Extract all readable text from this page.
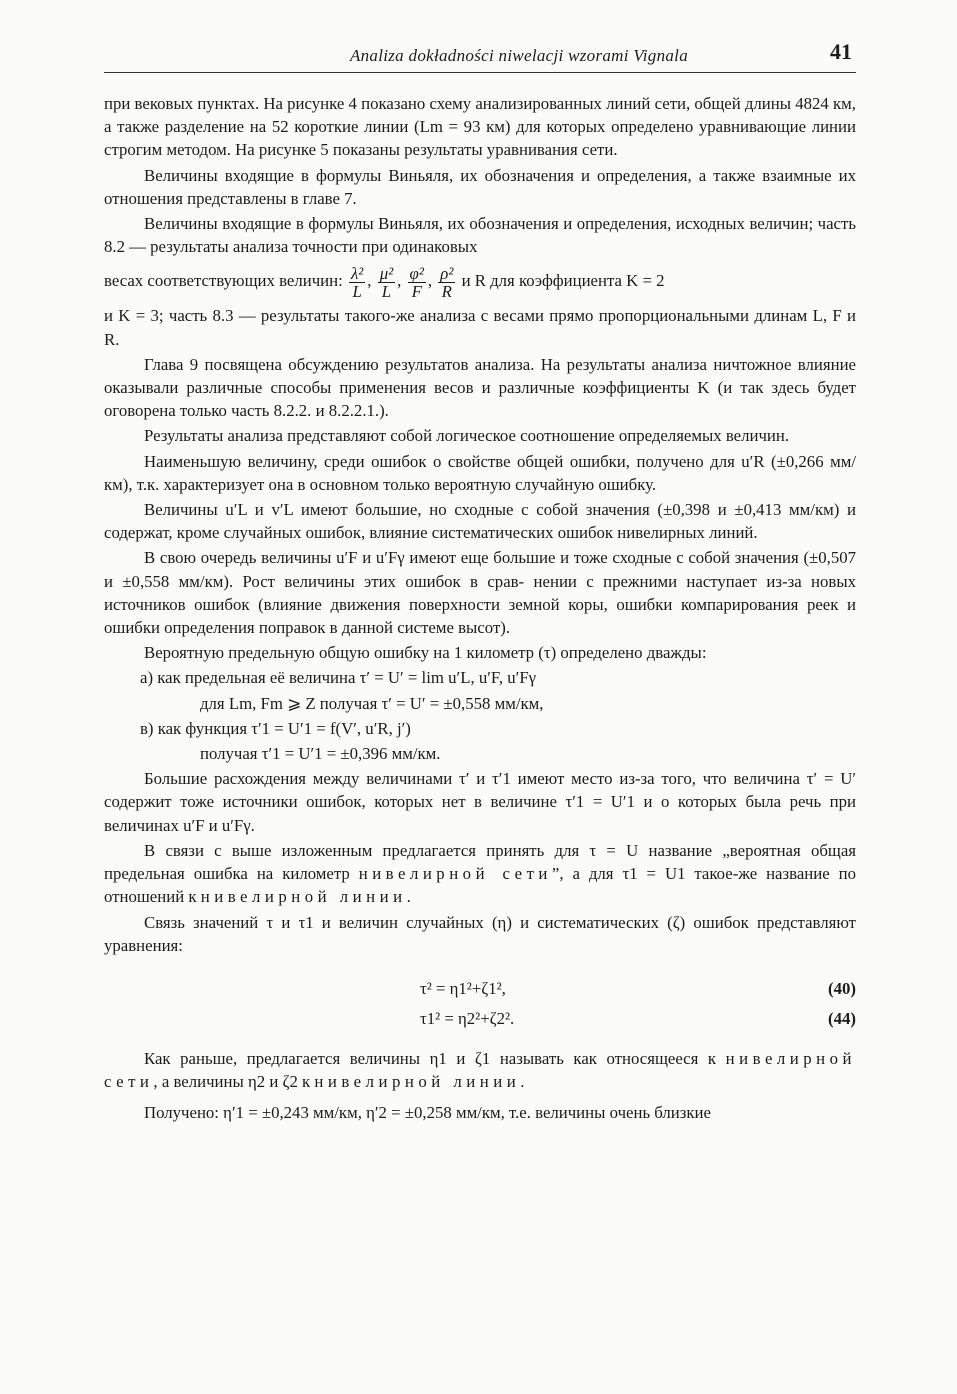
Analiza dokładności niwelacji wzorami Vignala	41

при вековых пунктах. На рисунке 4 показано схему анализированных линий сети, общей длины 4824 км, а также разделение на 52 короткие линии (Lm = 93 км) для которых определено уравнивающие линии строгим методом. На рисунке 5 показаны результаты уравнивания сети.

Величины входящие в формулы Виньяля, их обозначения и определения, а также взаимные их отношения представлены в главе 7.

Величины входящие в формулы Виньяля, их обозначения и определения, исходных величин; часть 8.2 — результаты анализа точности при одинаковых

весах соответствующих величин: $\frac{\text{λ²}}{L}$ , $\frac{\text{μ²}}{L}$ , $\frac{\text{φ²}}{F}$ , $\frac{\text{ρ²}}{R}$ и R для коэффициента K = 2

и K = 3; часть 8.3 — результаты такого-же анализа с весами прямо пропорциональными длинам L, F и R.

Глава 9 посвящена обсуждению результатов анализа. На результаты анализа ничтожное влияние оказывали различные способы применения весов и различные коэффициенты K (и так здесь будет оговорена только часть 8.2.2. и 8.2.2.1.).

Результаты анализа представляют собой логическое соотношение определяемых величин.

Наименьшую величину, среди ошибок о свойстве общей ошибки, получено для u′R (±0,266 мм/км), т.к. характеризует она в основном только вероятную случайную ошибку.

Величины u′L и v′L имеют большие, но сходные с собой значения (±0,398 и ±0,413 мм/км) и содержат, кроме случайных ошибок, влияние систематических ошибок нивелирных линий.

В свою очередь величины u′F и u′Fγ имеют еще большие и тоже сходные с собой значения (±0,507 и ±0,558 мм/км). Рост величины этих ошибок в срав- нении с прежними наступает из-за новых источников ошибок (влияние движения поверхности земной коры, ошибки компарирования реек и ошибки определения поправок в данной системе высот).

Вероятную предельную общую ошибку на 1 километр (τ) определено дважды:

а) как предельная её величина τ′ = U′ = lim u′L, u′F, u′Fγ

для Lm, Fm ⩾ Z получая τ′ = U′ = ±0,558 мм/км,

в) как функция τ′1 = U′1 = f(V′, u′R, j′)

получая τ′1 = U′1 = ±0,396 мм/км.

Большие расхождения между величинами τ′ и τ′1 имеют место из-за того, что величина τ′ = U′ содержит тоже источники ошибок, которых нет в величине τ′1 = U′1 и о которых была речь при величинах u′F и u′Fγ.

В связи с выше изложенным предлагается принять для τ = U название „вероятная общая предельная ошибка на километр нивелирной сети”, а для τ1 = U1 такое-же название по отношений к нивелирной линии.

Связь значений τ и τ1 и величин случайных (η) и систематических (ζ) ошибок представляют уравнения:

τ² = η1²+ζ1²,	(40)
τ1² = η2²+ζ2².	(44)

Как раньше, предлагается величины η1 и ζ1 называть как относящееся к нивелирной сети, а величины η2 и ζ2 к нивелирной линии.

Получено: η′1 = ±0,243 мм/км, η′2 = ±0,258 мм/км, т.е. величины очень близкие
